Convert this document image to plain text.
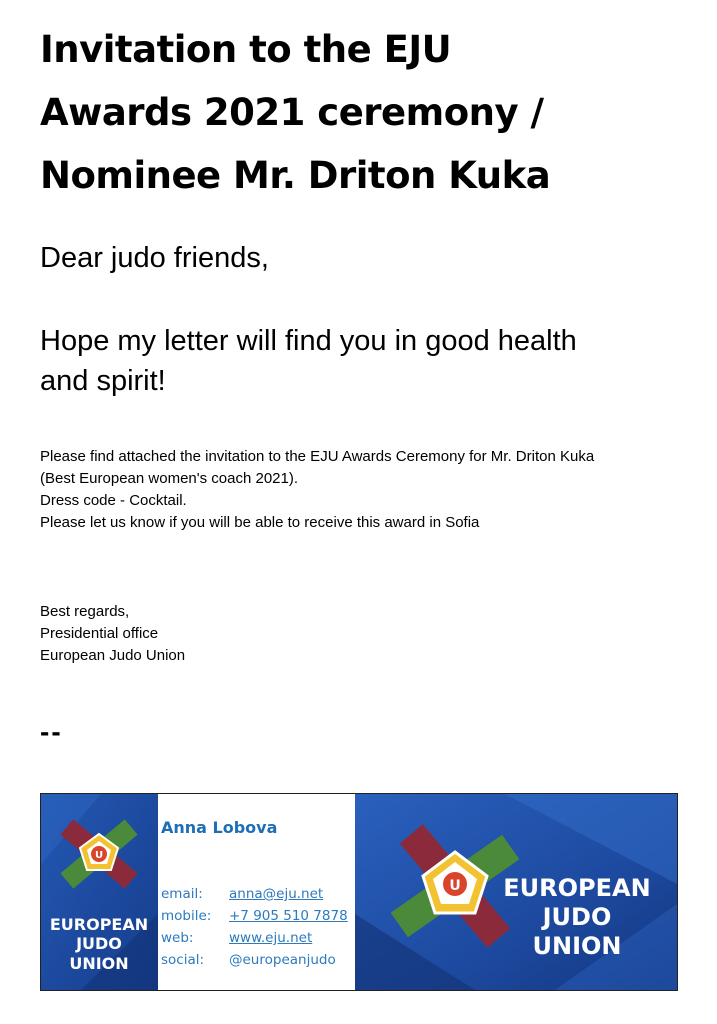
Invitation to the EJU
Awards 2021 ceremony /
Nominee Mr. Driton Kuka

Dear judo friends,

Hope my letter will find you in good health
and spirit!

Please find attached the invitation to the EJU Awards Ceremony for Mr. Driton Kuka
(Best European women's coach 2021).
Dress code - Cocktail.
Please let us know if you will be able to receive this award in Sofia
Best regards,
Presidential office
European Judo Union
--
U
EUROPEAN
JUDO
UNION
Anna Lobova
email: anna@eju.net
mobile: +7 905 510 7878
web:	www.eju.net
social: @europeanjudo
U EUROPEAN
JUDO
UNION
